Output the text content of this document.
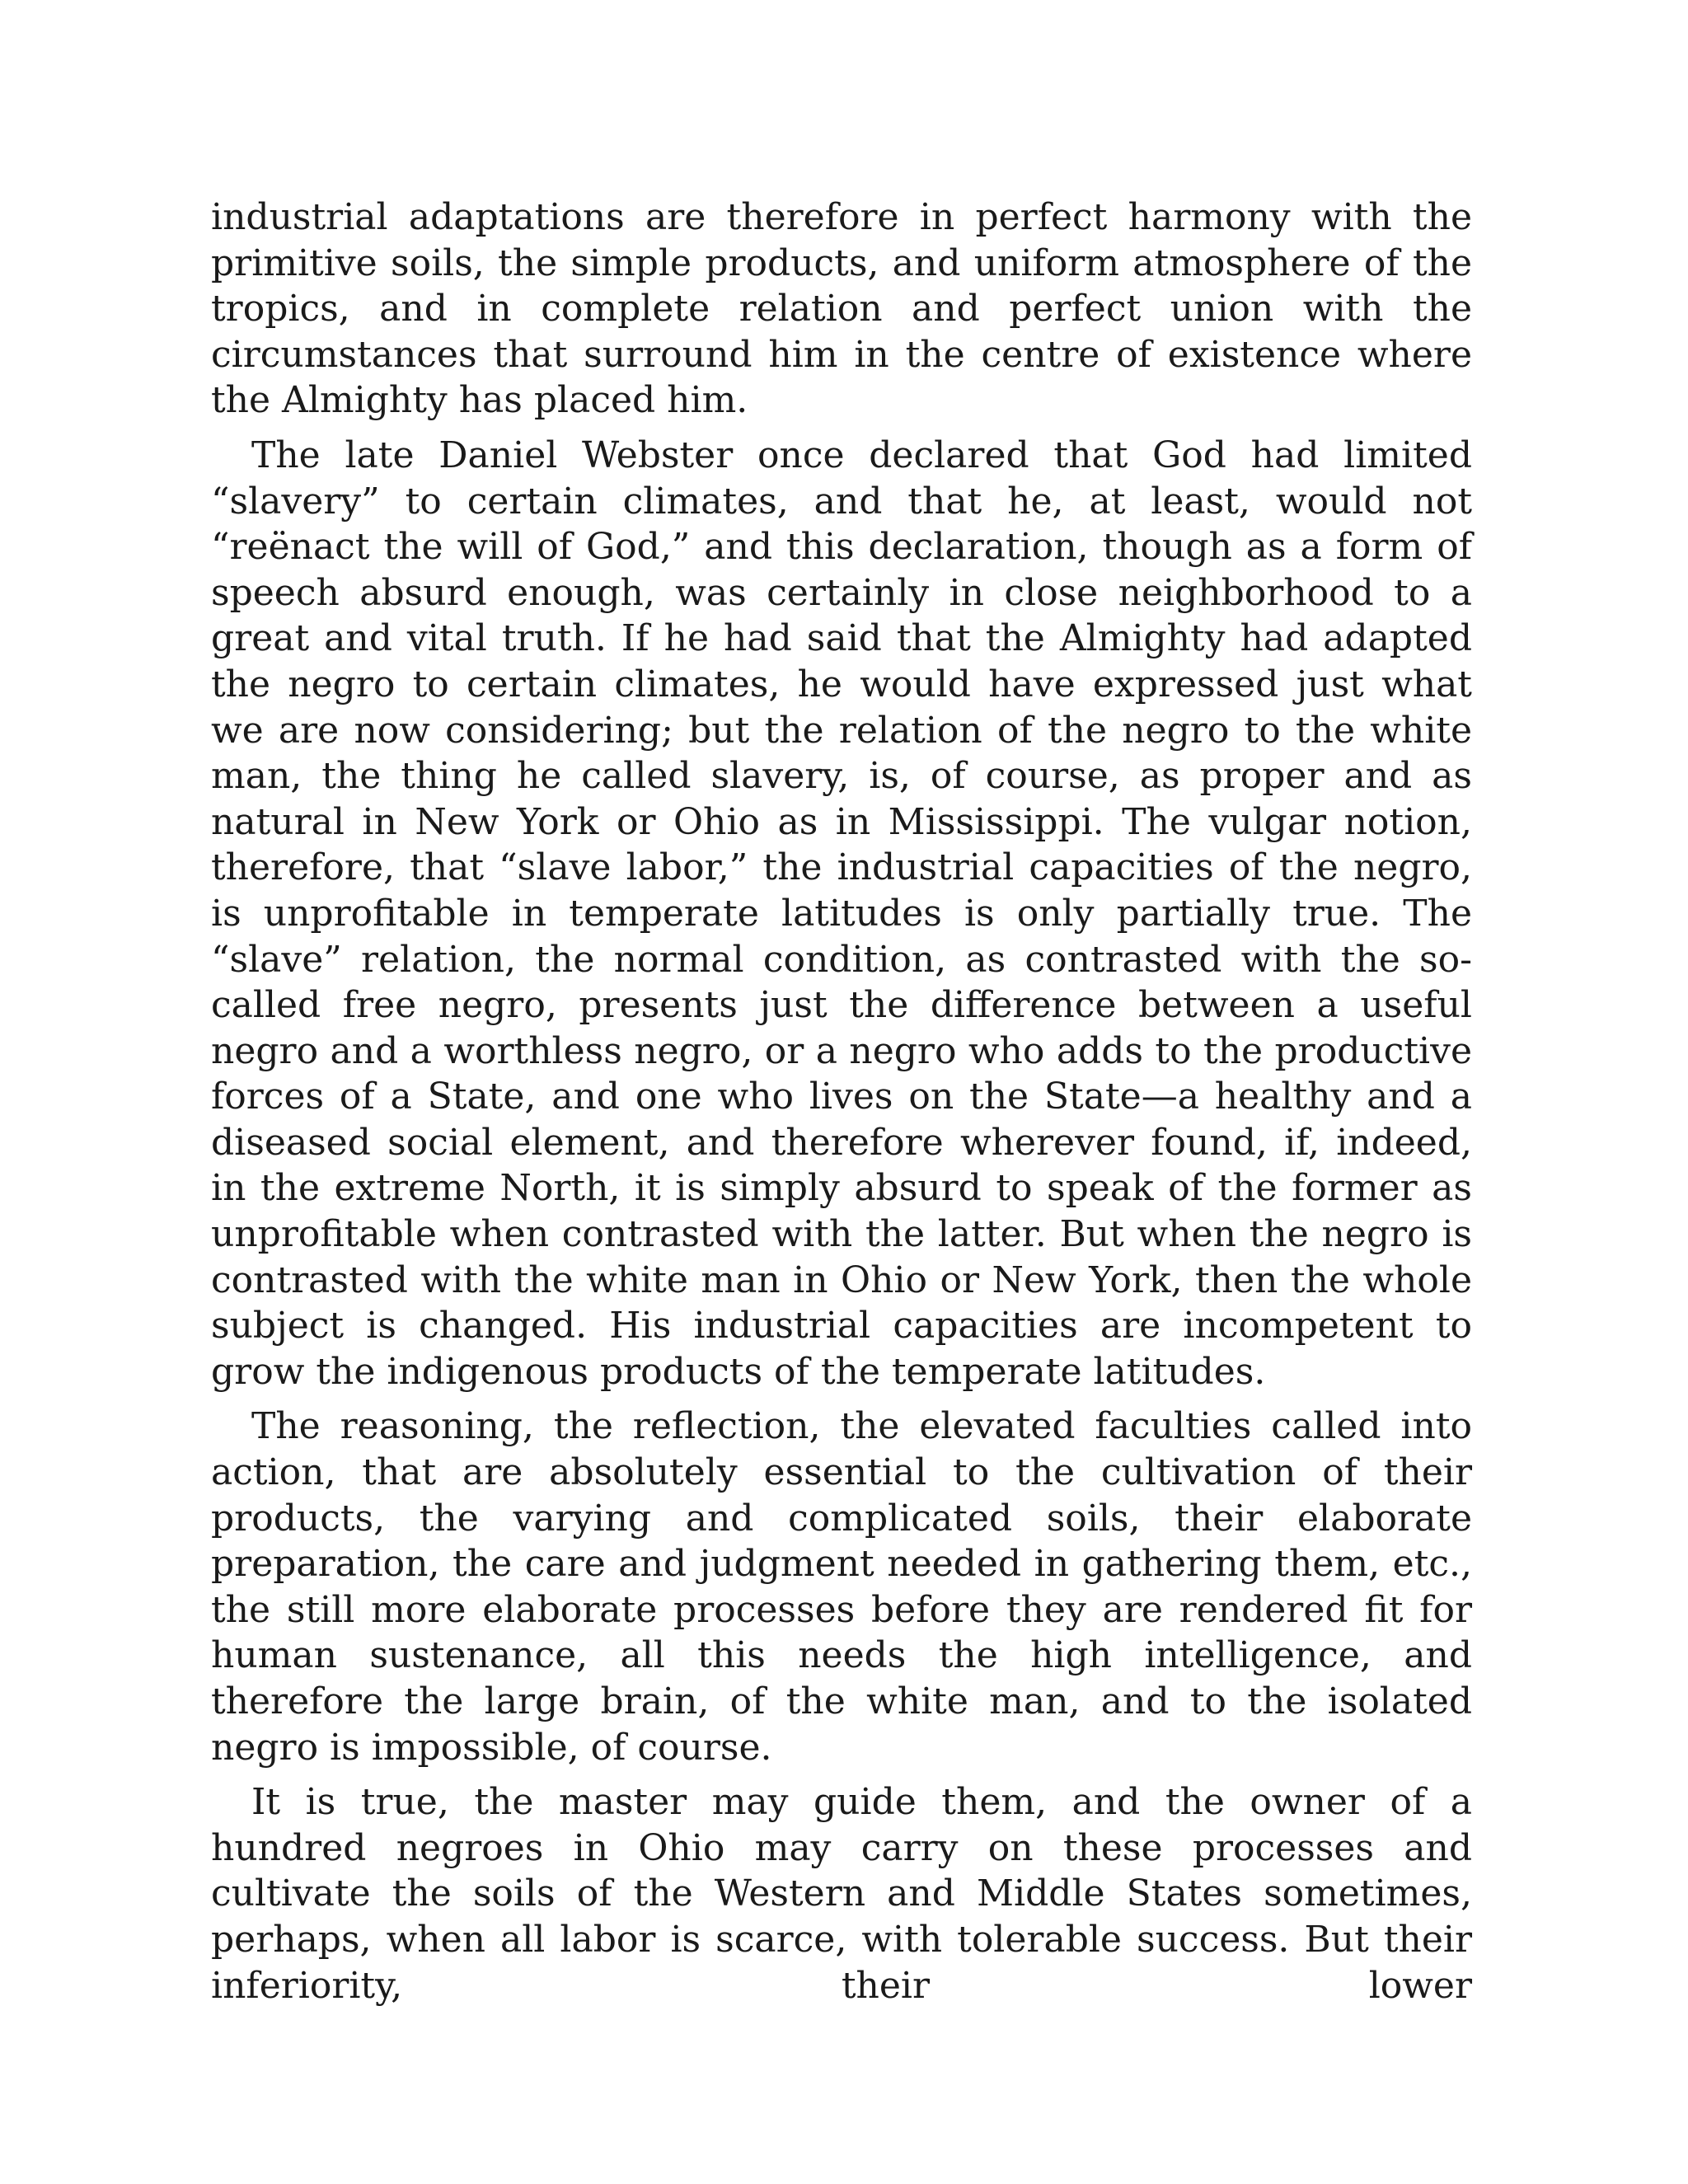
industrial adaptations are therefore in perfect harmony with the primitive soils, the simple products, and uniform atmosphere of the tropics, and in complete relation and perfect union with the circumstances that surround him in the centre of existence where the Almighty has placed him.

The late Daniel Webster once declared that God had limited “slavery” to certain climates, and that he, at least, would not “reënact the will of God,” and this declaration, though as a form of speech absurd enough, was certainly in close neighborhood to a great and vital truth. If he had said that the Almighty had adapted the negro to certain climates, he would have expressed just what we are now considering; but the relation of the negro to the white man, the thing he called slavery, is, of course, as proper and as natural in New York or Ohio as in Mississippi. The vulgar notion, therefore, that “slave labor,” the industrial capacities of the negro, is unprofitable in temperate latitudes is only partially true. The “slave” relation, the normal condition, as contrasted with the so-called free negro, presents just the difference between a useful negro and a worthless negro, or a negro who adds to the productive forces of a State, and one who lives on the State—a healthy and a diseased social element, and therefore wherever found, if, indeed, in the extreme North, it is simply absurd to speak of the former as unprofitable when contrasted with the latter. But when the negro is contrasted with the white man in Ohio or New York, then the whole subject is changed. His industrial capacities are incompetent to grow the indigenous products of the temperate latitudes.

The reasoning, the reflection, the elevated faculties called into action, that are absolutely essential to the cultivation of their products, the varying and complicated soils, their elaborate preparation, the care and judgment needed in gathering them, etc., the still more elaborate processes before they are rendered fit for human sustenance, all this needs the high intelligence, and therefore the large brain, of the white man, and to the isolated negro is impossible, of course.

It is true, the master may guide them, and the owner of a hundred negroes in Ohio may carry on these processes and cultivate the soils of the Western and Middle States sometimes, perhaps, when all labor is scarce, with tolerable success. But their inferiority, their lower
